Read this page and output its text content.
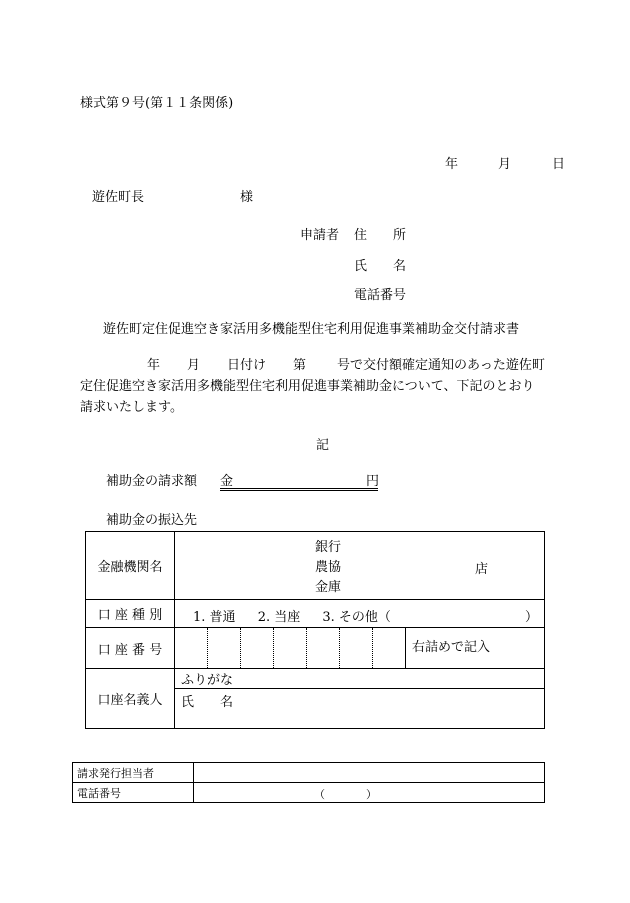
様式第９号(第１１条関係)
年	月	日
遊佐町長	様
申請者 住　　所
氏　　名
電話番号
遊佐町定住促進空き家活用多機能型住宅利用促進事業補助金交付請求書
年 月 日付け 第 号で交付額確定通知のあった遊佐町
定住促進空き家活用多機能型住宅利用促進事業補助金について、下記のとおり
請求いたします。
記
補助金の請求額 金	円
補助金の振込先
金融機関名	銀行
農協
金庫
店

口 座 種 別	1. 普通 2. 当座 3. その他（ ）

口 座 番 号	右詰めで記入

口座名義人	ふりがな
	氏　　名
請求発行担当者	
電話番号	（ ）
